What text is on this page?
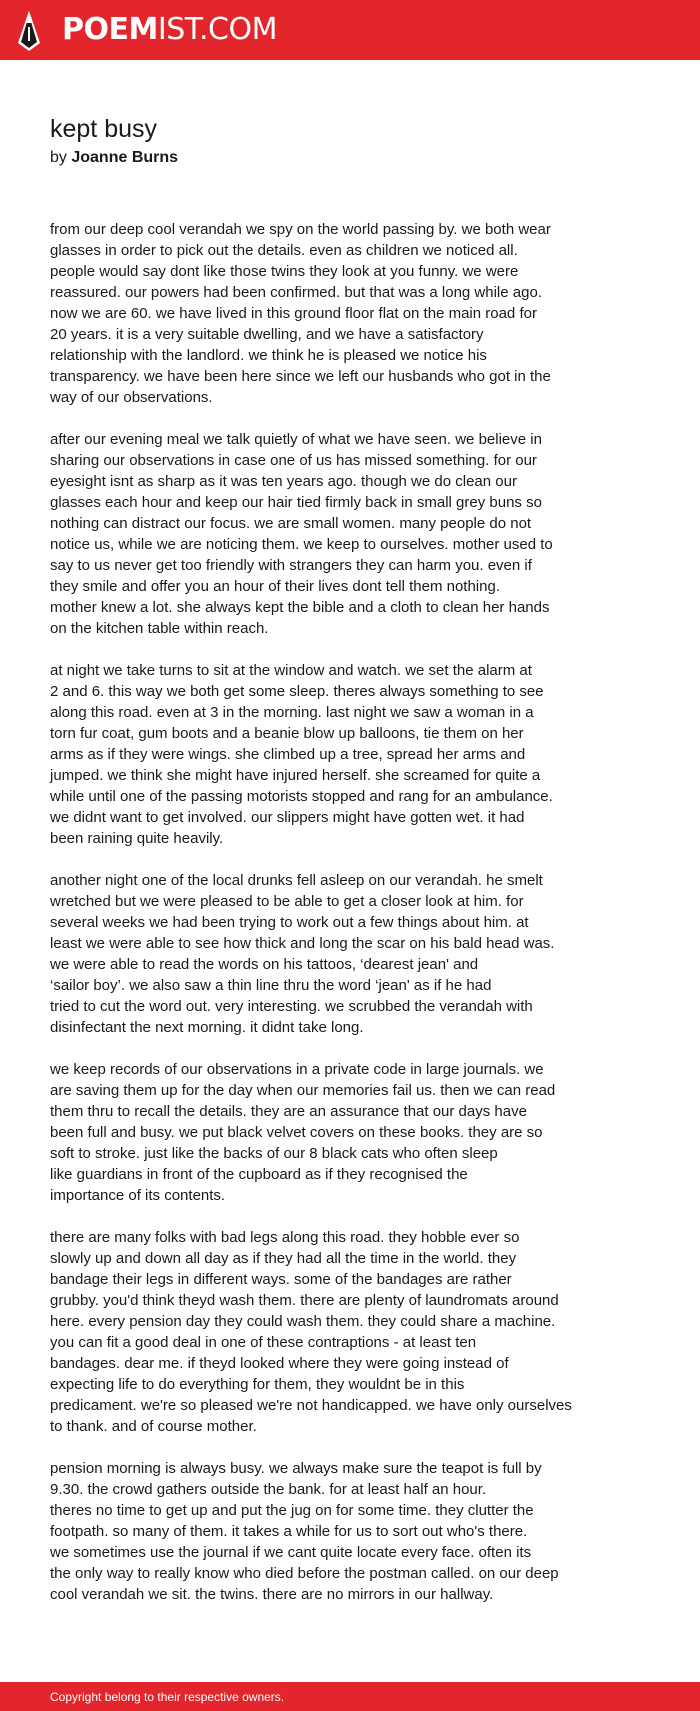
POEMIST.COM
kept busy
by Joanne Burns

from our deep cool verandah we spy on the world passing by. we both wear
glasses in order to pick out the details. even as children we noticed all.
people would say dont like those twins they look at you funny. we were
reassured. our powers had been confirmed. but that was a long while ago.
now we are 60. we have lived in this ground floor flat on the main road for
20 years. it is a very suitable dwelling, and we have a satisfactory
relationship with the landlord. we think he is pleased we notice his
transparency. we have been here since we left our husbands who got in the
way of our observations.

after our evening meal we talk quietly of what we have seen. we believe in
sharing our observations in case one of us has missed something. for our
eyesight isnt as sharp as it was ten years ago. though we do clean our
glasses each hour and keep our hair tied firmly back in small grey buns so
nothing can distract our focus. we are small women. many people do not
notice us, while we are noticing them. we keep to ourselves. mother used to
say to us never get too friendly with strangers they can harm you. even if
they smile and offer you an hour of their lives dont tell them nothing.
mother knew a lot. she always kept the bible and a cloth to clean her hands
on the kitchen table within reach.

at night we take turns to sit at the window and watch. we set the alarm at
2 and 6. this way we both get some sleep. theres always something to see
along this road. even at 3 in the morning. last night we saw a woman in a
torn fur coat, gum boots and a beanie blow up balloons, tie them on her
arms as if they were wings. she climbed up a tree, spread her arms and
jumped. we think she might have injured herself. she screamed for quite a
while until one of the passing motorists stopped and rang for an ambulance.
we didnt want to get involved. our slippers might have gotten wet. it had
been raining quite heavily.

another night one of the local drunks fell asleep on our verandah. he smelt
wretched but we were pleased to be able to get a closer look at him. for
several weeks we had been trying to work out a few things about him. at
least we were able to see how thick and long the scar on his bald head was.
we were able to read the words on his tattoos, ‘dearest jean' and
‘sailor boy’. we also saw a thin line thru the word ‘jean' as if he had
tried to cut the word out. very interesting. we scrubbed the verandah with
disinfectant the next morning. it didnt take long.

we keep records of our observations in a private code in large journals. we
are saving them up for the day when our memories fail us. then we can read
them thru to recall the details. they are an assurance that our days have
been full and busy. we put black velvet covers on these books. they are so
soft to stroke. just like the backs of our 8 black cats who often sleep
like guardians in front of the cupboard as if they recognised the
importance of its contents.

there are many folks with bad legs along this road. they hobble ever so
slowly up and down all day as if they had all the time in the world. they
bandage their legs in different ways. some of the bandages are rather
grubby. you'd think theyd wash them. there are plenty of laundromats around
here. every pension day they could wash them. they could share a machine.
you can fit a good deal in one of these contraptions - at least ten
bandages. dear me. if theyd looked where they were going instead of
expecting life to do everything for them, they wouldnt be in this
predicament. we're so pleased we're not handicapped. we have only ourselves
to thank. and of course mother.

pension morning is always busy. we always make sure the teapot is full by
9.30. the crowd gathers outside the bank. for at least half an hour.
theres no time to get up and put the jug on for some time. they clutter the
footpath. so many of them. it takes a while for us to sort out who's there.
we sometimes use the journal if we cant quite locate every face. often its
the only way to really know who died before the postman called. on our deep
cool verandah we sit. the twins. there are no mirrors in our hallway.

Copyright belong to their respective owners.
